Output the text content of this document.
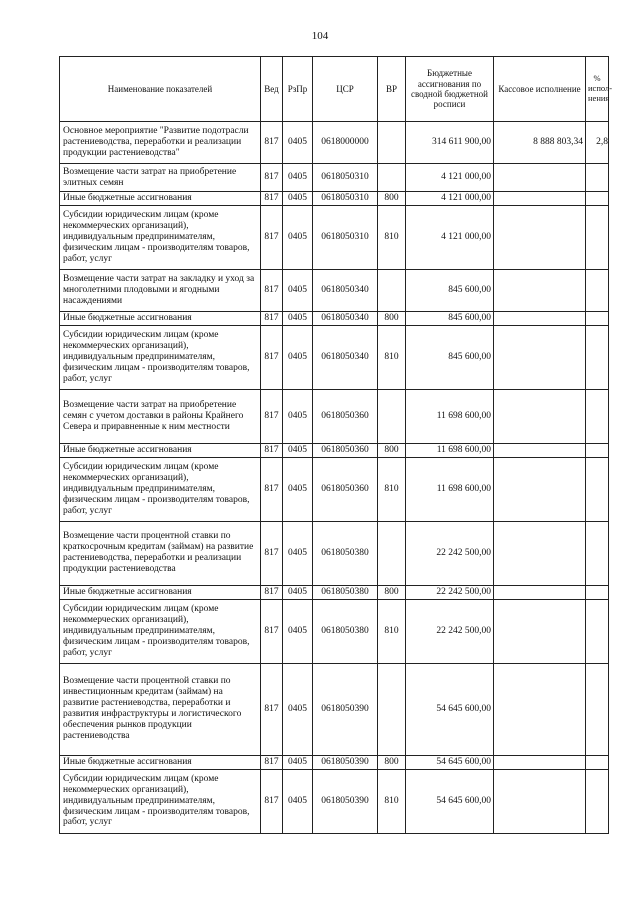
104
Наименование показателей	Вед	РзПр	ЦСР	ВР	Бюджетные ассигнования по сводной бюджетной росписи	Кассовое исполнение	% испол-нения
Основное мероприятие "Развитие подотрасли растениеводства, переработки и реализации продукции растениеводства"	817	0405	0618000000		314 611 900,00	8 888 803,34	2,8
Возмещение части затрат на приобретение элитных семян	817	0405	0618050310		4 121 000,00		
Иные бюджетные ассигнования	817	0405	0618050310	800	4 121 000,00		
Субсидии юридическим лицам (кроме некоммерческих организаций), индивидуальным предпринимателям, физическим лицам - производителям товаров, работ, услуг	817	0405	0618050310	810	4 121 000,00		
Возмещение части затрат на закладку и уход за многолетними плодовыми и ягодными насаждениями	817	0405	0618050340		845 600,00		
Иные бюджетные ассигнования	817	0405	0618050340	800	845 600,00		
Субсидии юридическим лицам (кроме некоммерческих организаций), индивидуальным предпринимателям, физическим лицам - производителям товаров, работ, услуг	817	0405	0618050340	810	845 600,00		
Возмещение части затрат на приобретение семян с учетом доставки в районы Крайнего Севера и приравненные к ним местности	817	0405	0618050360		11 698 600,00		
Иные бюджетные ассигнования	817	0405	0618050360	800	11 698 600,00		
Субсидии юридическим лицам (кроме некоммерческих организаций), индивидуальным предпринимателям, физическим лицам - производителям товаров, работ, услуг	817	0405	0618050360	810	11 698 600,00		
Возмещение части процентной ставки по краткосрочным кредитам (займам) на развитие растениеводства, переработки и реализации продукции растениеводства	817	0405	0618050380		22 242 500,00		
Иные бюджетные ассигнования	817	0405	0618050380	800	22 242 500,00		
Субсидии юридическим лицам (кроме некоммерческих организаций), индивидуальным предпринимателям, физическим лицам - производителям товаров, работ, услуг	817	0405	0618050380	810	22 242 500,00		
Возмещение части процентной ставки по инвестиционным кредитам (займам) на развитие растениеводства, переработки и развития инфраструктуры и логистического обеспечения рынков продукции растениеводства	817	0405	0618050390		54 645 600,00		
Иные бюджетные ассигнования	817	0405	0618050390	800	54 645 600,00		
Субсидии юридическим лицам (кроме некоммерческих организаций), индивидуальным предпринимателям, физическим лицам - производителям товаров, работ, услуг	817	0405	0618050390	810	54 645 600,00		
